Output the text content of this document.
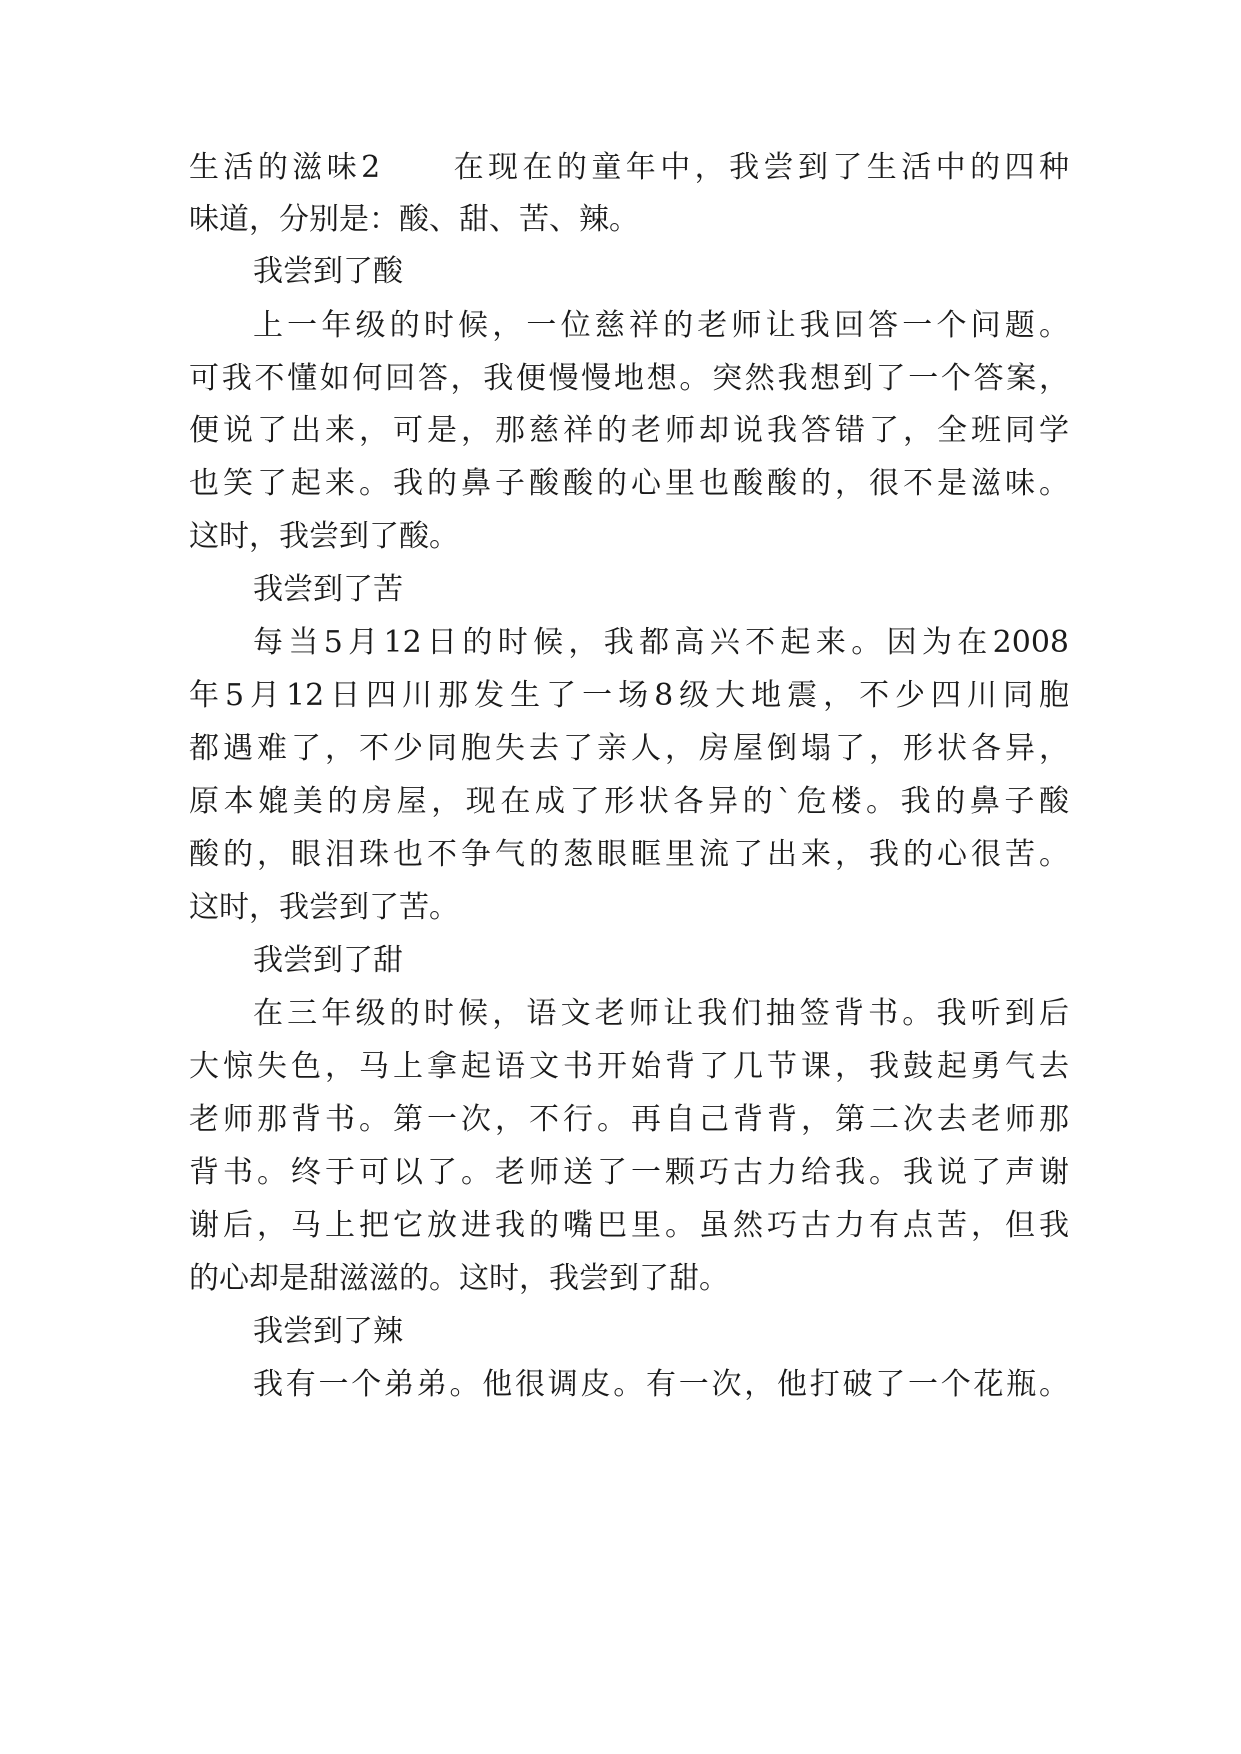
生活的滋味2　　在现在的童年中，我尝到了生活中的四种
味道，分别是：酸、甜、苦、辣。
我尝到了酸
上一年级的时候，一位慈祥的老师让我回答一个问题。
可我不懂如何回答，我便慢慢地想。突然我想到了一个答案，
便说了出来，可是，那慈祥的老师却说我答错了，全班同学
也笑了起来。我的鼻子酸酸的心里也酸酸的，很不是滋味。
这时，我尝到了酸。
我尝到了苦
每当5月12日的时候，我都高兴不起来。因为在2008
年5月12日四川那发生了一场8级大地震，不少四川同胞
都遇难了，不少同胞失去了亲人，房屋倒塌了，形状各异，
原本媲美的房屋，现在成了形状各异的`危楼。我的鼻子酸
酸的，眼泪珠也不争气的葱眼眶里流了出来，我的心很苦。
这时，我尝到了苦。
我尝到了甜
在三年级的时候，语文老师让我们抽签背书。我听到后
大惊失色，马上拿起语文书开始背了几节课，我鼓起勇气去
老师那背书。第一次，不行。再自己背背，第二次去老师那
背书。终于可以了。老师送了一颗巧古力给我。我说了声谢
谢后，马上把它放进我的嘴巴里。虽然巧古力有点苦，但我
的心却是甜滋滋的。这时，我尝到了甜。
我尝到了辣
我有一个弟弟。他很调皮。有一次，他打破了一个花瓶。
